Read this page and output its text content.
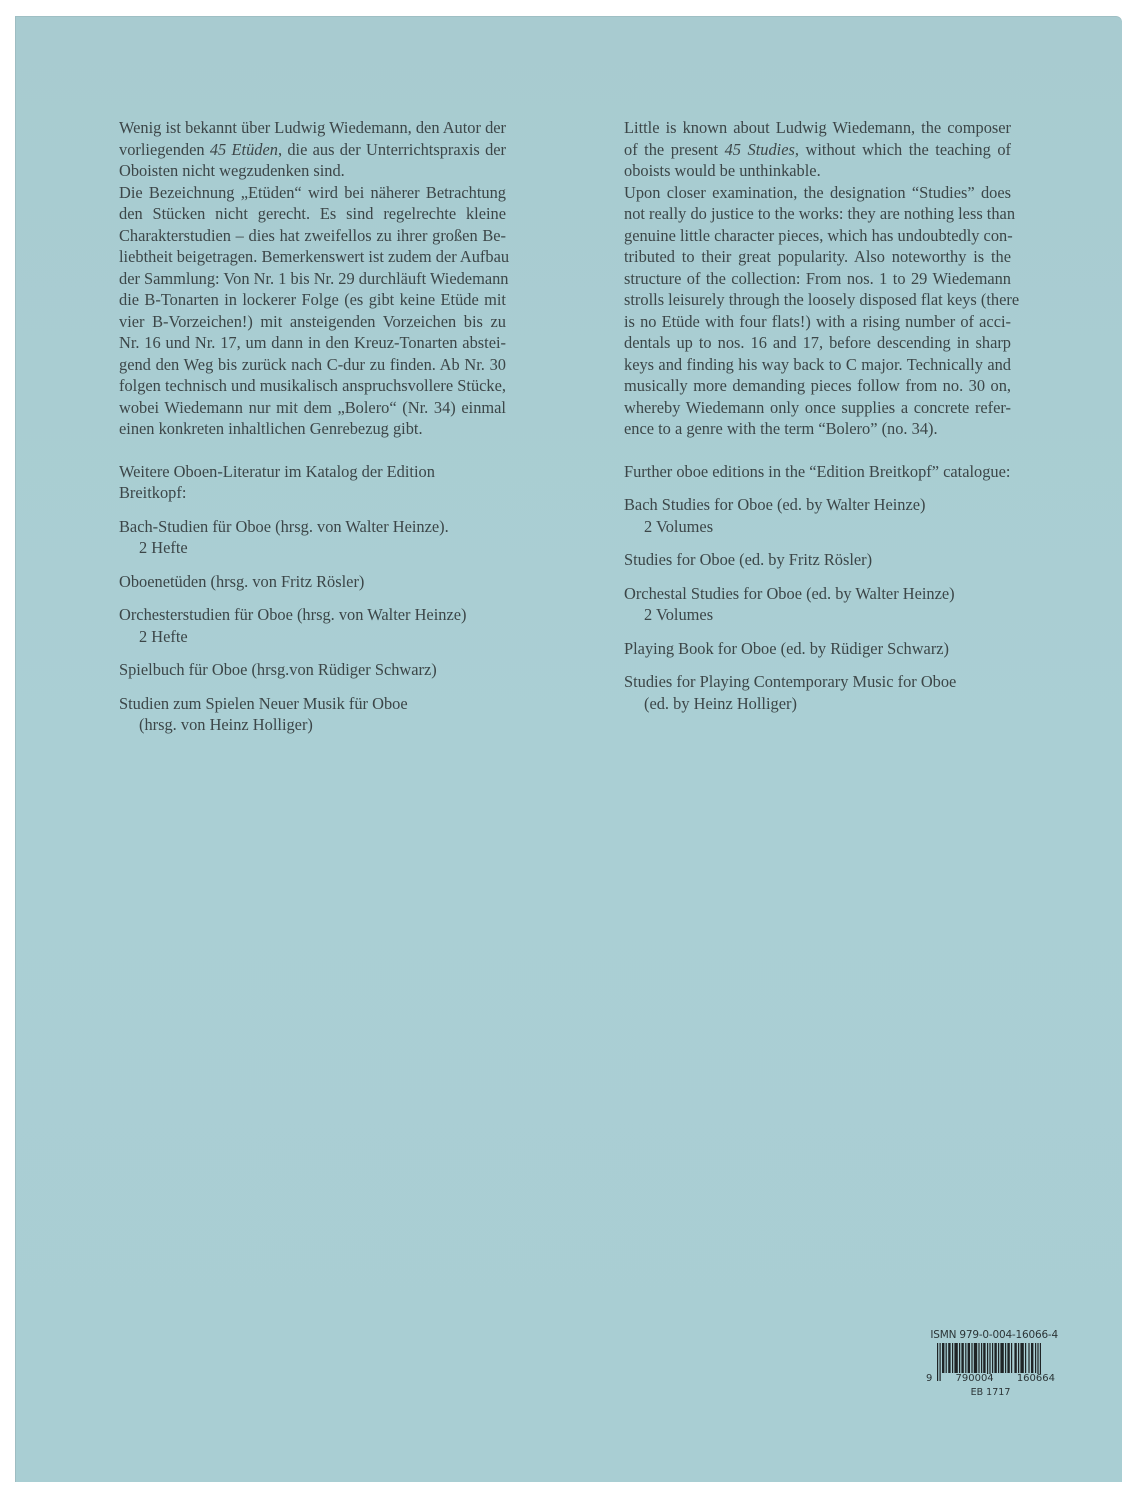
Wenig ist bekannt über Ludwig Wiedemann, den Autor der
vorliegenden 45 Etüden, die aus der Unterrichtspraxis der
Oboisten nicht wegzudenken sind.
Die Bezeichnung „Etüden“ wird bei näherer Betrachtung
den Stücken nicht gerecht. Es sind regelrechte kleine
Charakterstudien – dies hat zweifellos zu ihrer großen Be-
liebtheit beigetragen. Bemerkenswert ist zudem der Aufbau
der Sammlung: Von Nr. 1 bis Nr. 29 durchläuft Wiedemann
die B-Tonarten in lockerer Folge (es gibt keine Etüde mit
vier B-Vorzeichen!) mit ansteigenden Vorzeichen bis zu
Nr. 16 und Nr. 17, um dann in den Kreuz-Tonarten abstei-
gend den Weg bis zurück nach C-dur zu finden. Ab Nr. 30
folgen technisch und musikalisch anspruchsvollere Stücke,
wobei Wiedemann nur mit dem „Bolero“ (Nr. 34) einmal
einen konkreten inhaltlichen Genrebezug gibt.

Weitere Oboen-Literatur im Katalog der Edition Breitkopf:

Bach-Studien für Oboe (hrsg. von Walter Heinze).
2 Hefte
Oboenetüden (hrsg. von Fritz Rösler)
Orchesterstudien für Oboe (hrsg. von Walter Heinze)
2 Hefte
Spielbuch für Oboe (hrsg.von Rüdiger Schwarz)
Studien zum Spielen Neuer Musik für Oboe
(hrsg. von Heinz Holliger)
Little is known about Ludwig Wiedemann, the composer
of the present 45 Studies, without which the teaching of
oboists would be unthinkable.
Upon closer examination, the designation “Studies” does
not really do justice to the works: they are nothing less than
genuine little character pieces, which has undoubtedly con-
tributed to their great popularity. Also noteworthy is the
structure of the collection: From nos. 1 to 29 Wiedemann
strolls leisurely through the loosely disposed flat keys (there
is no Etüde with four flats!) with a rising number of acci-
dentals up to nos. 16 and 17, before descending in sharp
keys and finding his way back to C major. Technically and
musically more demanding pieces follow from no. 30 on,
whereby Wiedemann only once supplies a concrete refer-
ence to a genre with the term “Bolero” (no. 34).

Further oboe editions in the “Edition Breitkopf” catalogue:

Bach Studies for Oboe (ed. by Walter Heinze)
2 Volumes
Studies for Oboe (ed. by Fritz Rösler)
Orchestal Studies for Oboe (ed. by Walter Heinze)
2 Volumes
Playing Book for Oboe (ed. by Rüdiger Schwarz)
Studies for Playing Contemporary Music for Oboe
(ed. by Heinz Holliger)
ISMN 979-0-004-16066-4
9 790004 160664
EB 1717
